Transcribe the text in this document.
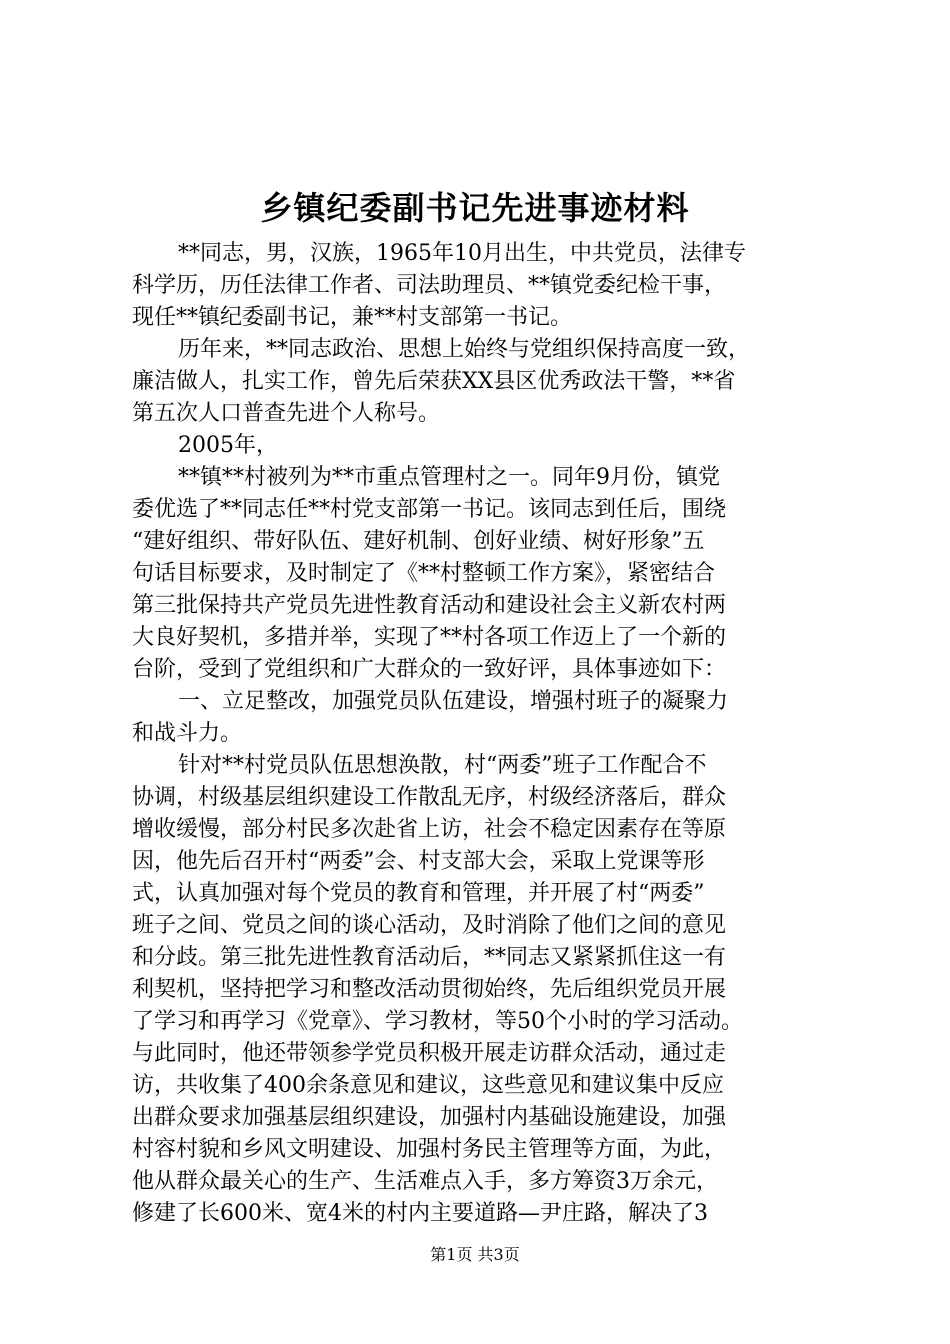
乡镇纪委副书记先进事迹材料
**同志，男，汉族，1965年10月出生，中共党员，法律专
科学历，历任法律工作者、司法助理员、**镇党委纪检干事，
现任**镇纪委副书记，兼**村支部第一书记。
历年来，**同志政治、思想上始终与党组织保持高度一致，
廉洁做人，扎实工作，曾先后荣获XX县区优秀政法干警，**省
第五次人口普查先进个人称号。
2005年，
**镇**村被列为**市重点管理村之一。同年9月份，镇党
委优选了**同志任**村党支部第一书记。该同志到任后，围绕
“建好组织、带好队伍、建好机制、创好业绩、树好形象”五
句话目标要求，及时制定了《**村整顿工作方案》，紧密结合
第三批保持共产党员先进性教育活动和建设社会主义新农村两
大良好契机，多措并举，实现了**村各项工作迈上了一个新的
台阶，受到了党组织和广大群众的一致好评，具体事迹如下：
一、立足整改，加强党员队伍建设，增强村班子的凝聚力
和战斗力。
针对**村党员队伍思想涣散，村“两委”班子工作配合不
协调，村级基层组织建设工作散乱无序，村级经济落后，群众
增收缓慢，部分村民多次赴省上访，社会不稳定因素存在等原
因，他先后召开村“两委”会、村支部大会，采取上党课等形
式，认真加强对每个党员的教育和管理，并开展了村“两委”
班子之间、党员之间的谈心活动，及时消除了他们之间的意见
和分歧。第三批先进性教育活动后，**同志又紧紧抓住这一有
利契机，坚持把学习和整改活动贯彻始终，先后组织党员开展
了学习和再学习《党章》、学习教材，等50个小时的学习活动。
与此同时，他还带领参学党员积极开展走访群众活动，通过走
访，共收集了400余条意见和建议，这些意见和建议集中反应
出群众要求加强基层组织建设，加强村内基础设施建设，加强
村容村貌和乡风文明建设、加强村务民主管理等方面，为此，
他从群众最关心的生产、生活难点入手，多方筹资3万余元，
修建了长600米、宽4米的村内主要道路—尹庄路，解决了3
第1页 共3页
